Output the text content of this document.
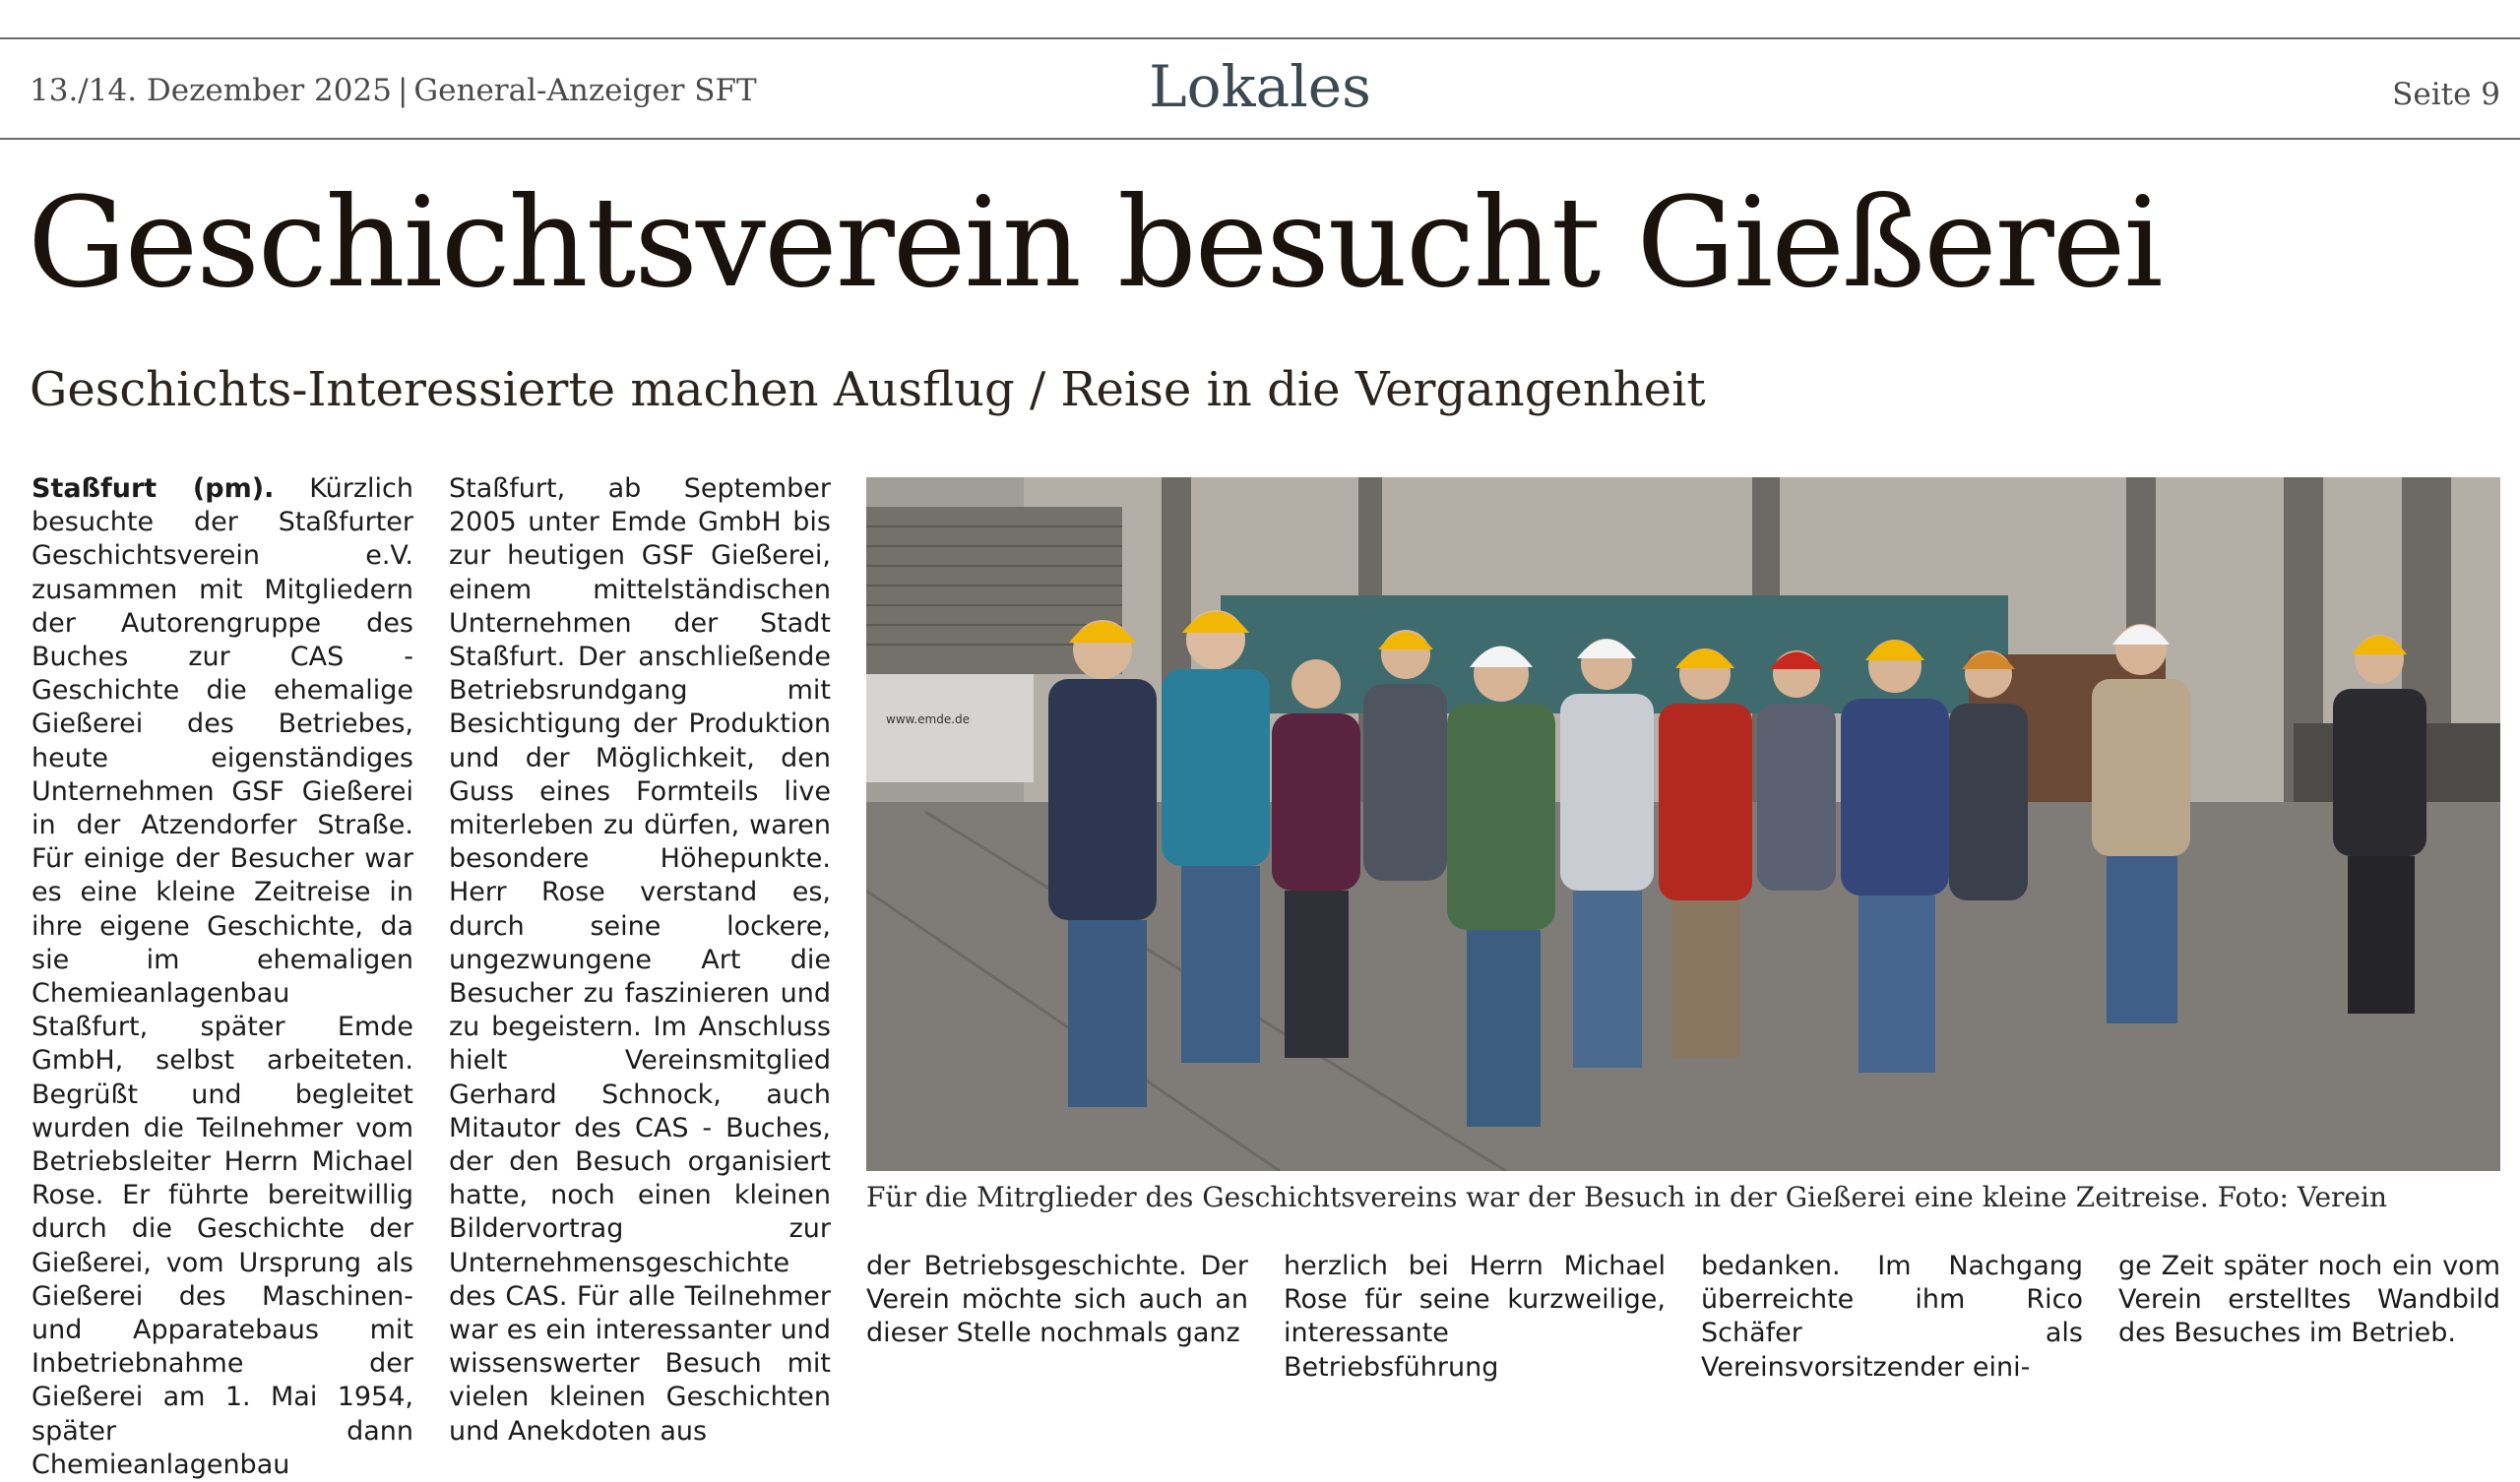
13./14. Dezember 2025 | General-Anzeiger SFT	Lokales	Seite 9
Geschichtsverein besucht Gießerei
Geschichts-Interessierte machen Ausflug / Reise in die Vergangenheit
Staßfurt (pm). Kürzlich besuchte der Staßfurter Geschichtsverein e.V. zusammen mit Mitgliedern der Autorengruppe des Buches zur CAS - Geschichte die ehemalige Gießerei des Betriebes, heute eigenständiges Unternehmen GSF Gießerei in der Atzendorfer Straße. Für einige der Besucher war es eine kleine Zeitreise in ihre eigene Geschichte, da sie im ehemaligen Chemieanlagenbau Staßfurt, später Emde GmbH, selbst arbeiteten. Begrüßt und begleitet wurden die Teilnehmer vom Betriebsleiter Herrn Michael Rose. Er führte bereitwillig durch die Geschichte der Gießerei, vom Ursprung als Gießerei des Maschinen- und Apparatebaus mit Inbetriebnahme der Gießerei am 1. Mai 1954, später dann Chemieanlagenbau
Staßfurt, ab September 2005 unter Emde GmbH bis zur heutigen GSF Gießerei, einem mittelständischen Unternehmen der Stadt Staßfurt. Der anschließende Betriebsrundgang mit Besichtigung der Produktion und der Möglichkeit, den Guss eines Formteils live miterleben zu dürfen, waren besondere Höhepunkte. Herr Rose verstand es, durch seine lockere, ungezwungene Art die Besucher zu faszinieren und zu begeistern. Im Anschluss hielt Vereinsmitglied Gerhard Schnock, auch Mitautor des CAS - Buches, der den Besuch organisiert hatte, noch einen kleinen Bildervortrag zur Unternehmensgeschichte des CAS. Für alle Teilnehmer war es ein interessanter und wissenswerter Besuch mit vielen kleinen Geschichten und Anekdoten aus
www.emde.de
Für die Mitrglieder des Geschichtsvereins war der Besuch in der Gießerei eine kleine Zeitreise. Foto: Verein
der Betriebsgeschichte. Der Verein möchte sich auch an dieser Stelle nochmals ganz
herzlich bei Herrn Michael Rose für seine kurzweilige, interessante Betriebsführung
bedanken. Im Nachgang überreichte ihm Rico Schäfer als Vereinsvorsitzender eini-
ge Zeit später noch ein vom Verein erstelltes Wandbild des Besuches im Betrieb.
